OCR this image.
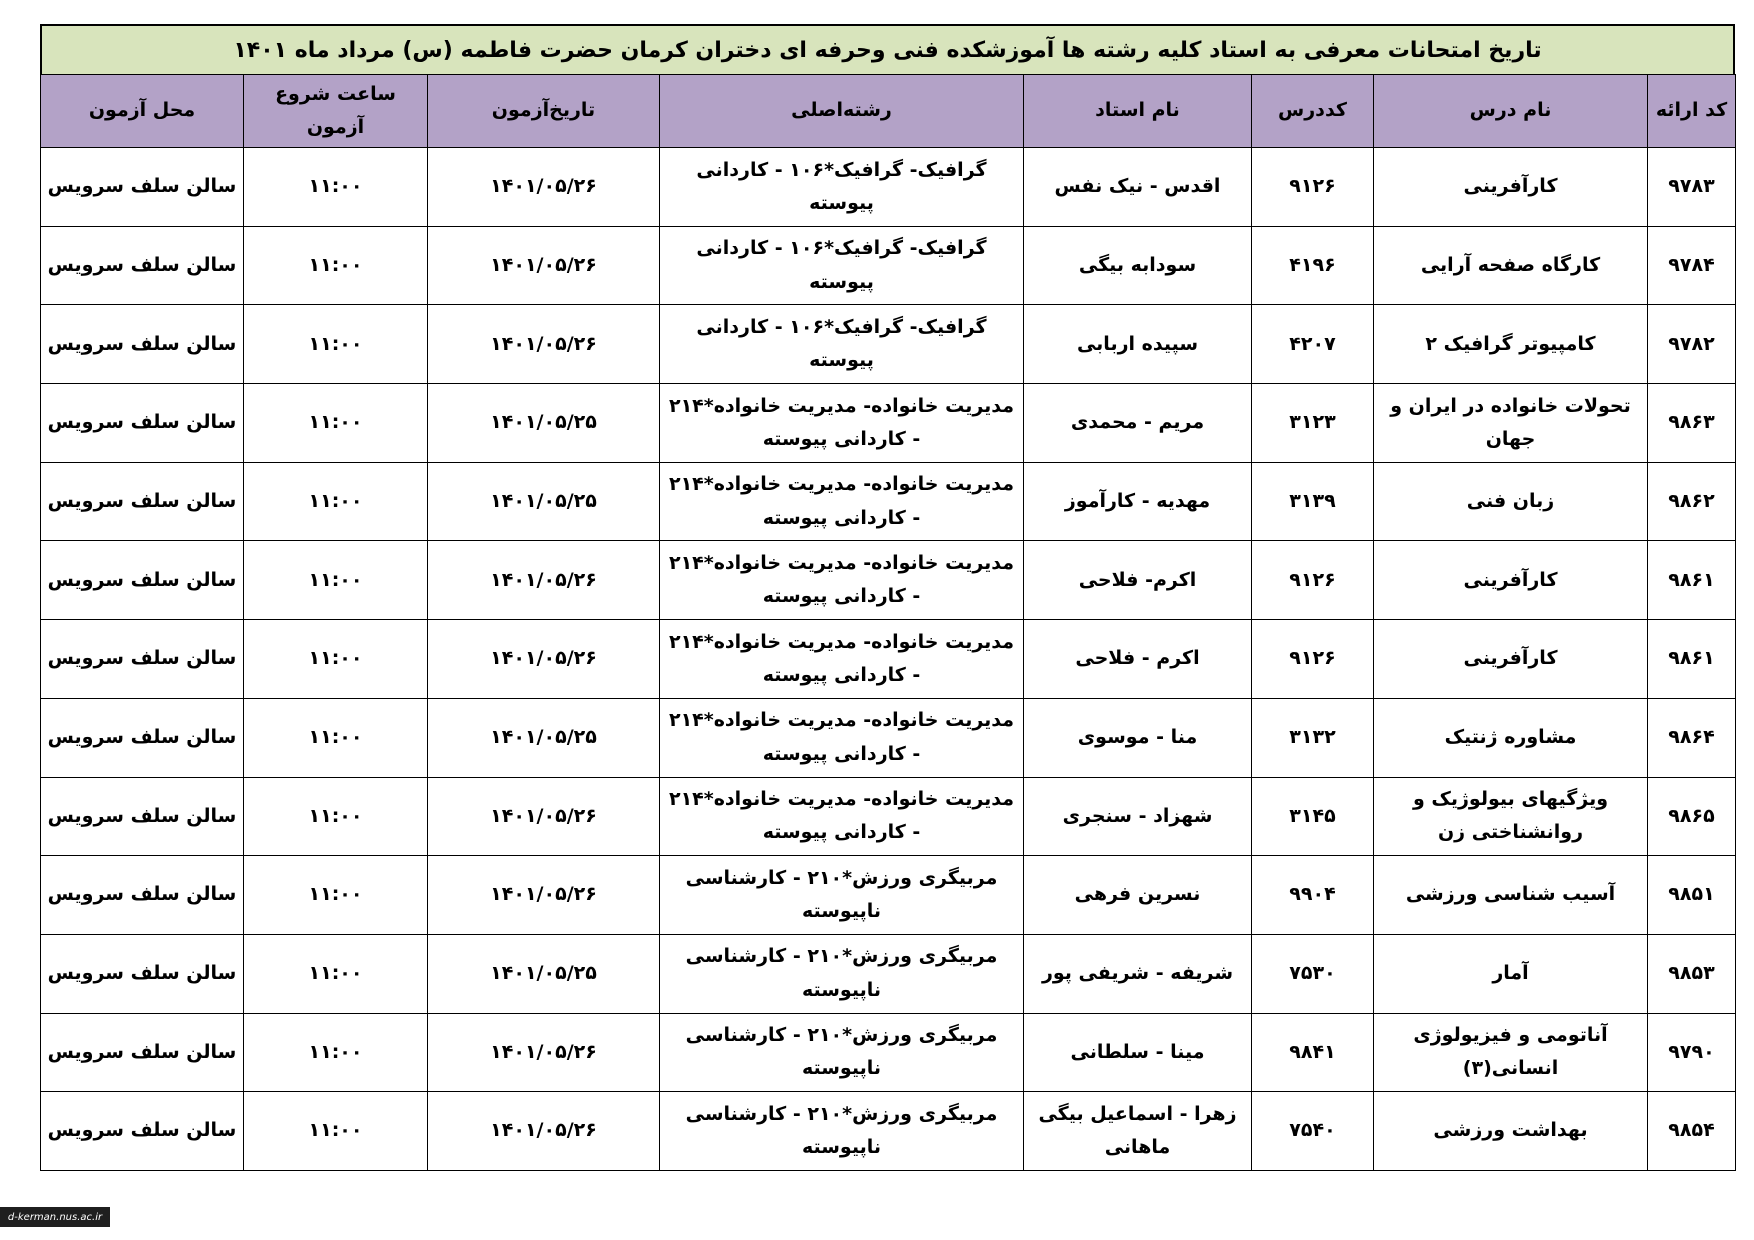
تاریخ امتحانات معرفی به استاد کلیه رشته ها آموزشکده فنی وحرفه ای دختران کرمان حضرت فاطمه (س) مرداد ماه ۱۴۰۱
کد ارائه	نام درس	کددرس	نام استاد	رشته‌اصلی	تاریخ‌آزمون	ساعت شروع آزمون	محل آزمون
۹۷۸۳	کارآفرینی	۹۱۲۶	اقدس - نیک نفس	گرافیک- گرافیک*۱۰۶ - کاردانی پیوسته	۱۴۰۱/۰۵/۲۶	۱۱:۰۰	سالن سلف سرویس
۹۷۸۴	کارگاه صفحه آرایی	۴۱۹۶	سودابه بیگی	گرافیک- گرافیک*۱۰۶ - کاردانی پیوسته	۱۴۰۱/۰۵/۲۶	۱۱:۰۰	سالن سلف سرویس
۹۷۸۲	کامپیوتر گرافیک ۲	۴۲۰۷	سپیده اربابی	گرافیک- گرافیک*۱۰۶ - کاردانی پیوسته	۱۴۰۱/۰۵/۲۶	۱۱:۰۰	سالن سلف سرویس
۹۸۶۳	تحولات خانواده در ایران و جهان	۳۱۲۳	مریم - محمدی	مدیریت خانواده- مدیریت خانواده*۲۱۴ - کاردانی پیوسته	۱۴۰۱/۰۵/۲۵	۱۱:۰۰	سالن سلف سرویس
۹۸۶۲	زبان فنی	۳۱۳۹	مهدیه - کارآموز	مدیریت خانواده- مدیریت خانواده*۲۱۴ - کاردانی پیوسته	۱۴۰۱/۰۵/۲۵	۱۱:۰۰	سالن سلف سرویس
۹۸۶۱	کارآفرینی	۹۱۲۶	اکرم- فلاحی	مدیریت خانواده- مدیریت خانواده*۲۱۴ - کاردانی پیوسته	۱۴۰۱/۰۵/۲۶	۱۱:۰۰	سالن سلف سرویس
۹۸۶۱	کارآفرینی	۹۱۲۶	اکرم - فلاحی	مدیریت خانواده- مدیریت خانواده*۲۱۴ - کاردانی پیوسته	۱۴۰۱/۰۵/۲۶	۱۱:۰۰	سالن سلف سرویس
۹۸۶۴	مشاوره ژنتیک	۳۱۳۲	منا - موسوی	مدیریت خانواده- مدیریت خانواده*۲۱۴ - کاردانی پیوسته	۱۴۰۱/۰۵/۲۵	۱۱:۰۰	سالن سلف سرویس
۹۸۶۵	ویژگیهای بیولوژیک و روانشناختی زن	۳۱۴۵	شهزاد - سنجری	مدیریت خانواده- مدیریت خانواده*۲۱۴ - کاردانی پیوسته	۱۴۰۱/۰۵/۲۶	۱۱:۰۰	سالن سلف سرویس
۹۸۵۱	آسیب شناسی ورزشی	۹۹۰۴	نسرین فرهی	مربیگری ورزش*۲۱۰ - کارشناسی ناپیوسته	۱۴۰۱/۰۵/۲۶	۱۱:۰۰	سالن سلف سرویس
۹۸۵۳	آمار	۷۵۳۰	شریفه - شریفی پور	مربیگری ورزش*۲۱۰ - کارشناسی ناپیوسته	۱۴۰۱/۰۵/۲۵	۱۱:۰۰	سالن سلف سرویس
۹۷۹۰	آناتومی و فیزیولوژی انسانی(۳)	۹۸۴۱	مینا - سلطانی	مربیگری ورزش*۲۱۰ - کارشناسی ناپیوسته	۱۴۰۱/۰۵/۲۶	۱۱:۰۰	سالن سلف سرویس
۹۸۵۴	بهداشت ورزشی	۷۵۴۰	زهرا - اسماعیل بیگی ماهانی	مربیگری ورزش*۲۱۰ - کارشناسی ناپیوسته	۱۴۰۱/۰۵/۲۶	۱۱:۰۰	سالن سلف سرویس
d-kerman.nus.ac.ir
